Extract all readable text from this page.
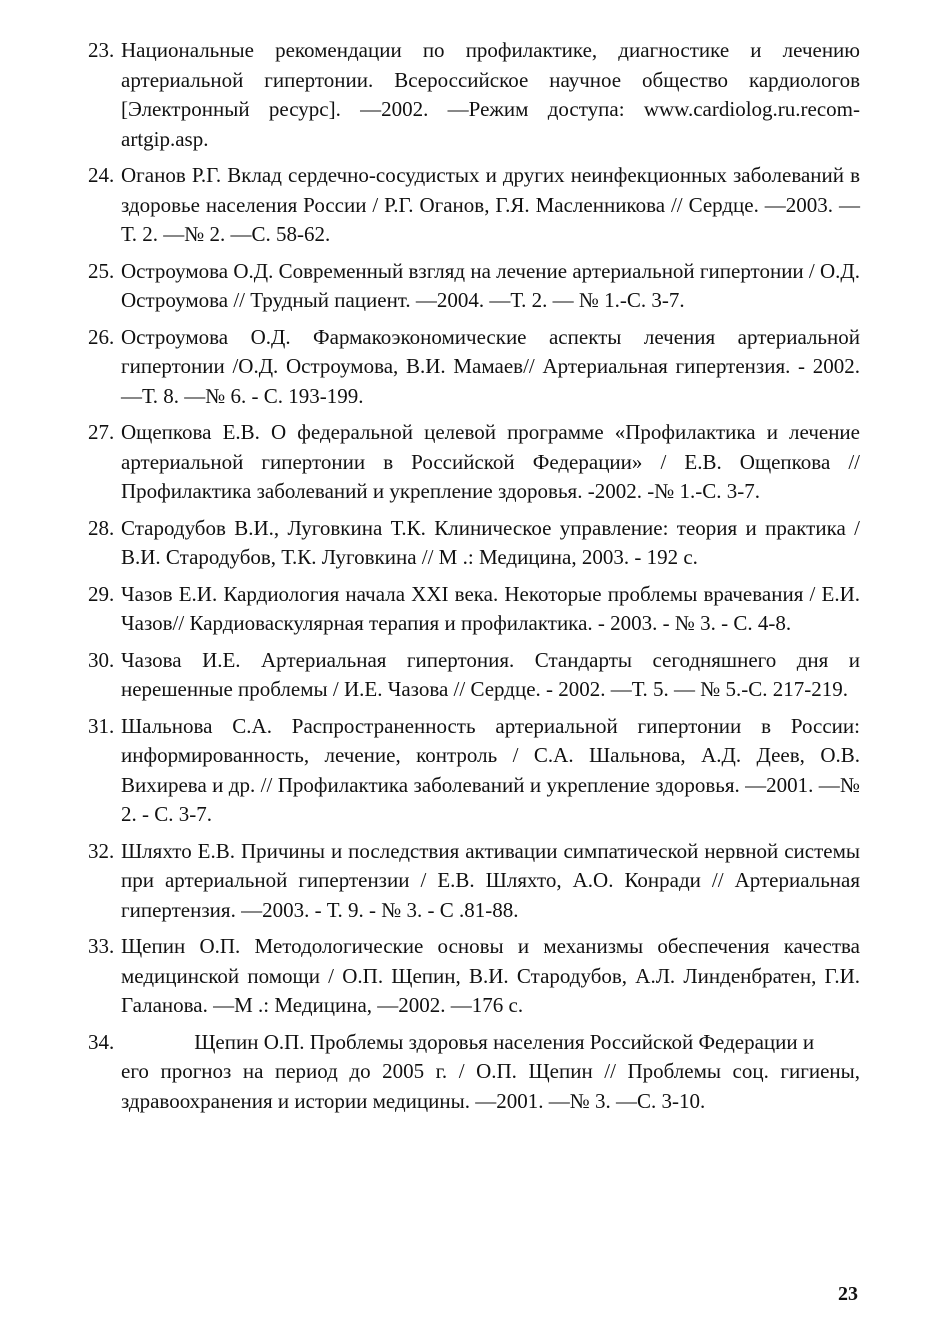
23. Национальные рекомендации по профилактике, диагностике и лечению артериальной гипертонии. Всероссийское научное общество кардиологов [Электронный ресурс]. —2002. —Режим доступа: www.cardiolog.ru.recom-artgip.asp.
24. Оганов Р.Г. Вклад сердечно-сосудистых и других неинфекционных заболеваний в здоровье населения России / Р.Г. Оганов, Г.Я. Масленникова // Сердце. —2003. —Т. 2. —№ 2. —С. 58-62.
25. Остроумова О.Д. Современный взгляд на лечение артериальной гипертонии / О.Д. Остроумова // Трудный пациент. —2004. —Т. 2. — № 1.-С. 3-7.
26. Остроумова О.Д. Фармакоэкономические аспекты лечения артериальной гипертонии /О.Д. Остроумова, В.И. Мамаев// Артериальная гипертензия. - 2002. —Т. 8. —№ 6. - С. 193-199.
27. Ощепкова Е.В. О федеральной целевой программе «Профилактика и лечение артериальной гипертонии в Российской Федерации» / Е.В. Ощепкова // Профилактика заболеваний и укрепление здоровья. -2002. -№ 1.-С. 3-7.
28. Стародубов В.И., Луговкина Т.К. Клиническое управление: теория и практика / В.И. Стародубов, Т.К. Луговкина // М .: Медицина, 2003. - 192 с.
29. Чазов Е.И. Кардиология начала XXI века. Некоторые проблемы врачевания / Е.И. Чазов// Кардиоваскулярная терапия и профилактика. - 2003. - № 3. - С. 4-8.
30. Чазова И.Е. Артериальная гипертония. Стандарты сегодняшнего дня и нерешенные проблемы / И.Е. Чазова // Сердце. - 2002. —Т. 5. — № 5.-С. 217-219.
31. Шальнова С.А. Распространенность артериальной гипертонии в России: информированность, лечение, контроль / С.А. Шальнова, А.Д. Деев, О.В. Вихирева и др. // Профилактика заболеваний и укрепление здоровья. —2001. —№ 2. - С. 3-7.
32. Шляхто Е.В. Причины и последствия активации симпатической нервной системы при артериальной гипертензии / Е.В. Шляхто, А.О. Конради // Артериальная гипертензия. —2003. - Т. 9. - № 3. - С .81-88.
33. Щепин О.П. Методологические основы и механизмы обеспечения качества медицинской помощи / О.П. Щепин, В.И. Стародубов, А.Л. Линденбратен, Г.И. Галанова. —М .: Медицина, —2002. —176 с.
34.	Щепин О.П. Проблемы здоровья населения Российской Федерации и
его прогноз на период до 2005 г. / О.П. Щепин // Проблемы соц. гигиены, здравоохранения и истории медицины. —2001. —№ 3. —С. 3-10.
23
